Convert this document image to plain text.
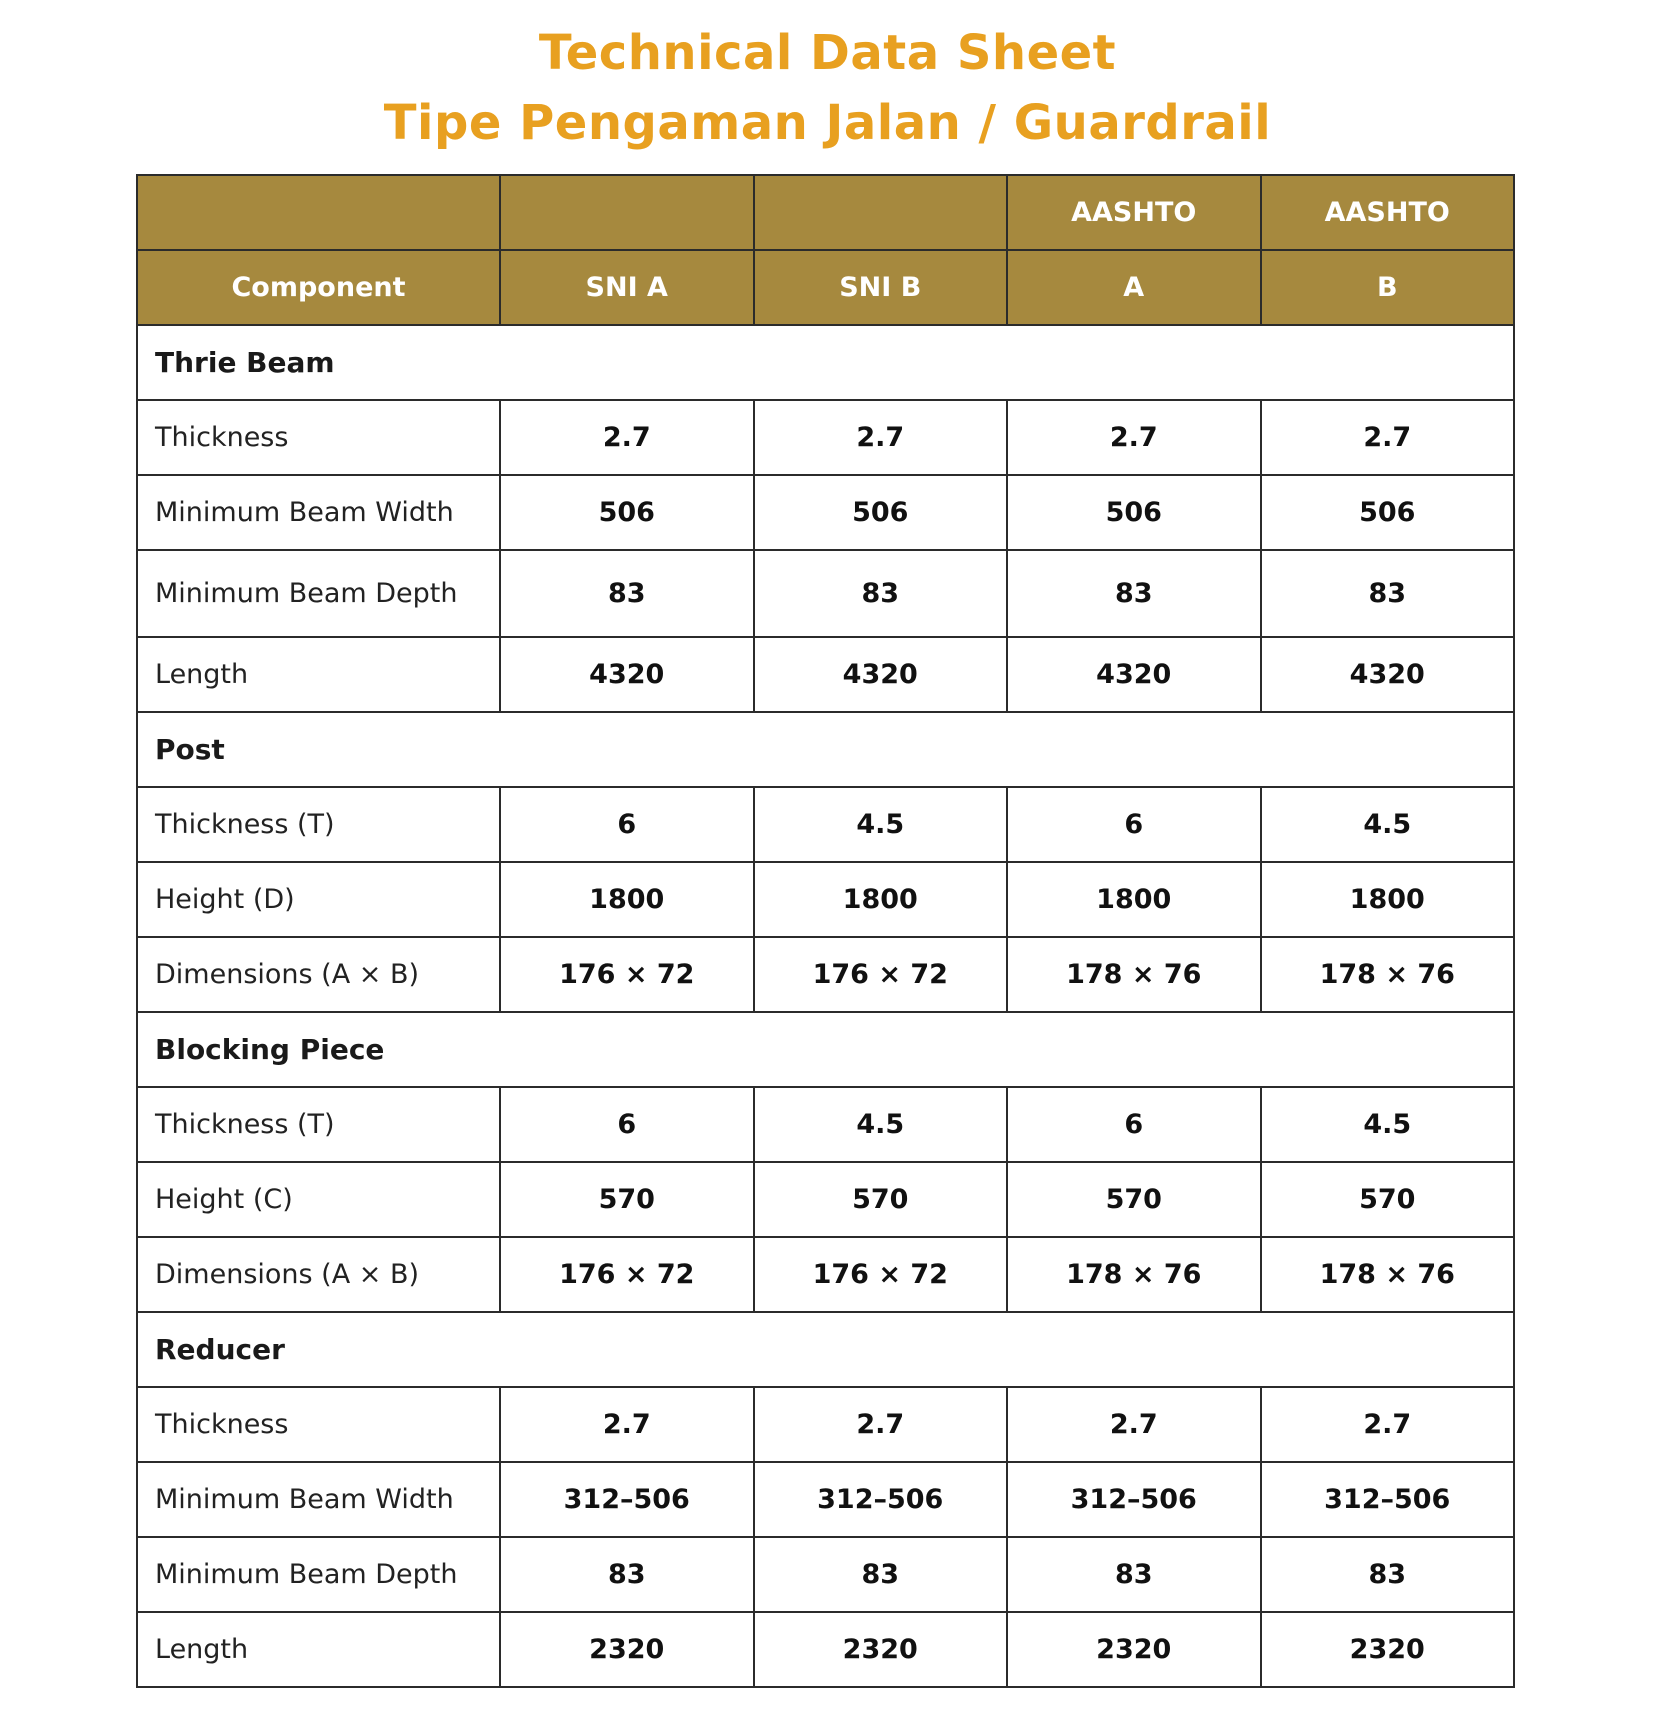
Technical Data Sheet
Tipe Pengaman Jalan / Guardrail
			AASHTO	AASHTO
Component	SNI A	SNI B	A	B
Thrie Beam				
Thickness	2.7	2.7	2.7	2.7
Minimum Beam Width	506	506	506	506
Minimum Beam Depth	83	83	83	83
Length	4320	4320	4320	4320
Post				
Thickness (T)	6	4.5	6	4.5
Height (D)	1800	1800	1800	1800
Dimensions (A × B)	176 × 72	176 × 72	178 × 76	178 × 76
Blocking Piece				
Thickness (T)	6	4.5	6	4.5
Height (C)	570	570	570	570
Dimensions (A × B)	176 × 72	176 × 72	178 × 76	178 × 76
Reducer				
Thickness	2.7	2.7	2.7	2.7
Minimum Beam Width	312–506	312–506	312–506	312–506
Minimum Beam Depth	83	83	83	83
Length	2320	2320	2320	2320
